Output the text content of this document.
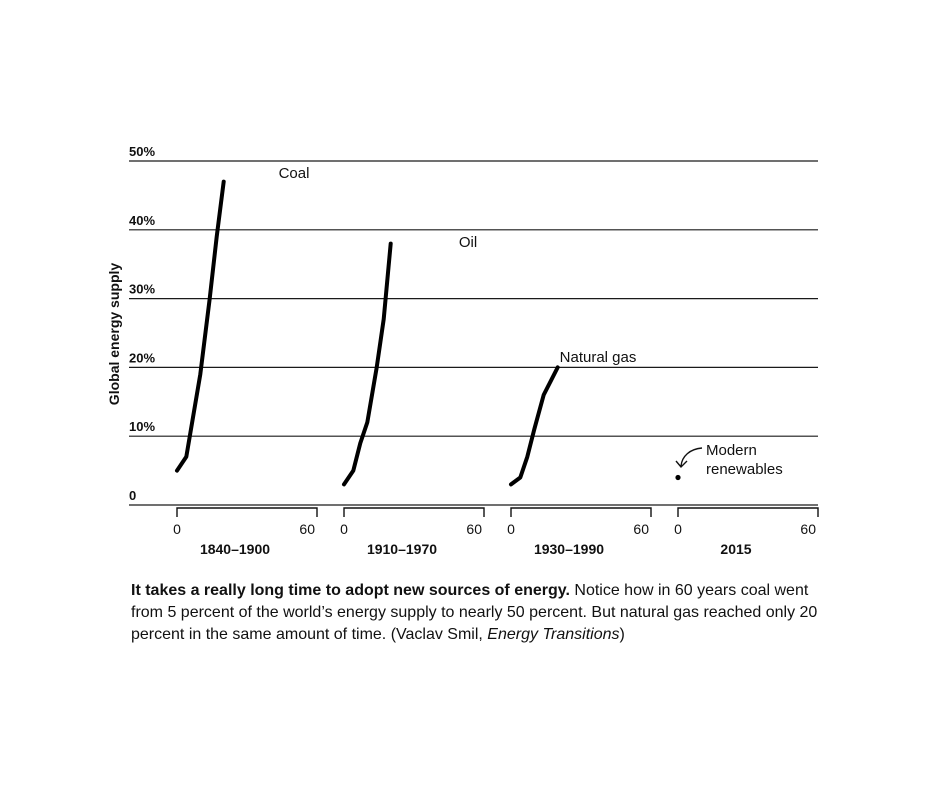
0
10%
20%
30%
40%
50%
Global energy supply
0	60
1840–1900
Coal
0	60
1910–1970
Oil
0	60
1930–1990
Natural gas
0	60
2015
Modern renewables
It takes a really long time to adopt new sources of energy. Notice how in 60 years coal went from 5 percent of the world’s energy supply to nearly 50 percent. But natural gas reached only 20 percent in the same amount of time. (Vaclav Smil, Energy Transitions)
